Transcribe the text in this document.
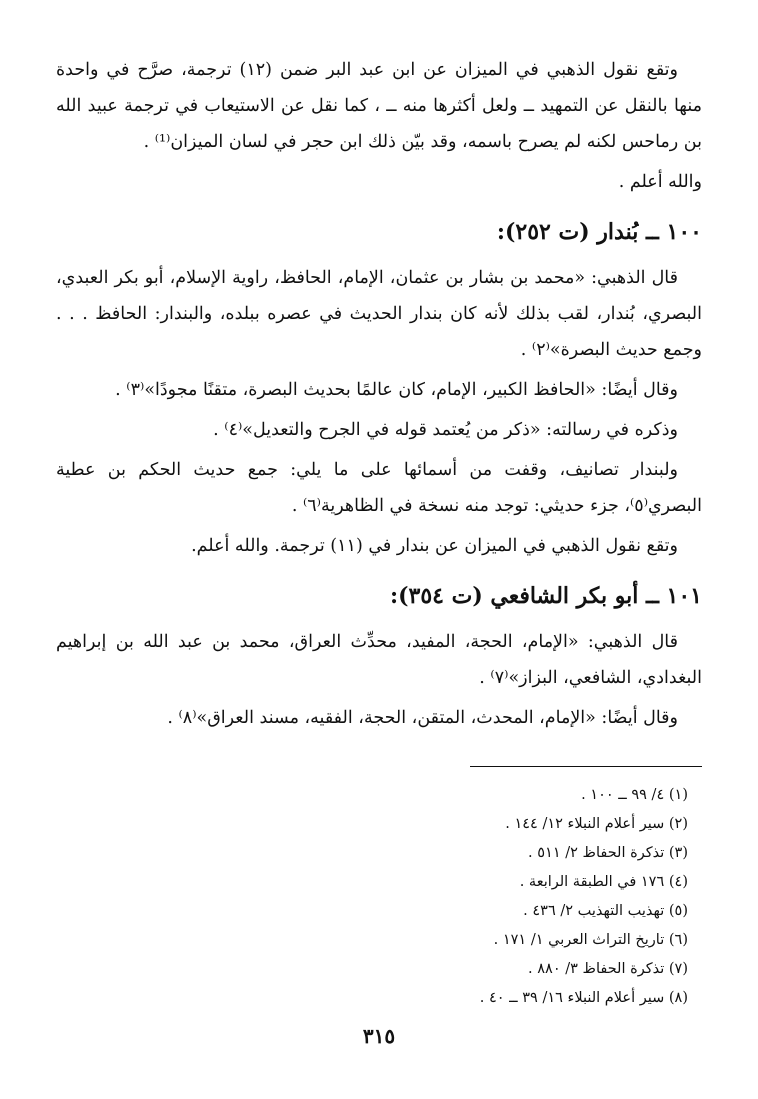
وتقع نقول الذهبي في الميزان عن ابن عبد البر ضمن (١٢) ترجمة، صرَّح في واحدة منها بالنقل عن التمهيد ــ ولعل أكثرها منه ــ ، كما نقل عن الاستيعاب في ترجمة عبيد الله بن رماحس لكنه لم يصرح باسمه، وقد بيّن ذلك ابن حجر في لسان الميزان⁽¹⁾ .

والله أعلم .

١٠٠ ــ بُندار (ت ٢٥٢):

قال الذهبي: «محمد بن بشار بن عثمان، الإمام، الحافظ، راوية الإسلام، أبو بكر العبدي، البصري، بُندار، لقب بذلك لأنه كان بندار الحديث في عصره ببلده، والبندار: الحافظ . . . وجمع حديث البصرة»⁽٢⁾ .

وقال أيضًا: «الحافظ الكبير، الإمام، كان عالمًا بحديث البصرة، متقنًا مجودًا»⁽٣⁾ .

وذكره في رسالته: «ذكر من يُعتمد قوله في الجرح والتعديل»⁽٤⁾ .

ولبندار تصانيف، وقفت من أسمائها على ما يلي: جمع حديث الحكم بن عطية البصري⁽٥⁾، جزء حديثي: توجد منه نسخة في الظاهرية⁽٦⁾ .

وتقع نقول الذهبي في الميزان عن بندار في (١١) ترجمة. والله أعلم.

١٠١ ــ أبو بكر الشافعي (ت ٣٥٤):

قال الذهبي: «الإمام، الحجة، المفيد، محدِّث العراق، محمد بن عبد الله بن إبراهيم البغدادي، الشافعي، البزاز»⁽٧⁾ .

وقال أيضًا: «الإمام، المحدث، المتقن، الحجة، الفقيه، مسند العراق»⁽٨⁾ .

(١) ٤/ ٩٩ ــ ١٠٠ .

(٢) سير أعلام النبلاء ١٢/ ١٤٤ .

(٣) تذكرة الحفاظ ٢/ ٥١١ .

(٤) ١٧٦ في الطبقة الرابعة .

(٥) تهذيب التهذيب ٢/ ٤٣٦ .

(٦) تاريخ التراث العربي ١/ ١٧١ .

(٧) تذكرة الحفاظ ٣/ ٨٨٠ .

(٨) سير أعلام النبلاء ١٦/ ٣٩ ــ ٤٠ .

٣١٥
